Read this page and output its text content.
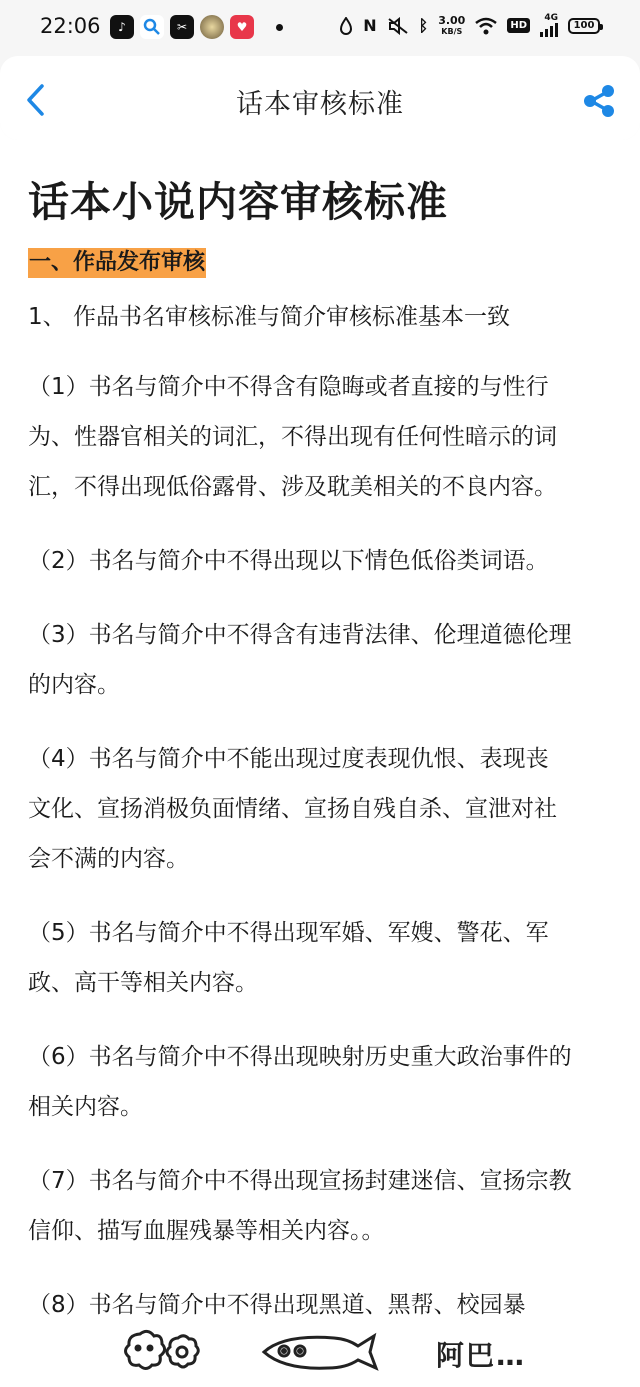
22:06	♪	✂	♥	N	ᛒ 3.00
KB/S	HD
4G
100
话本审核标准
话本小说内容审核标准
一、作品发布审核
1、 作品书名审核标准与简介审核标准基本一致

（1）书名与简介中不得含有隐晦或者直接的与性行

为、性器官相关的词汇，不得出现有任何性暗示的词

汇，不得出现低俗露骨、涉及耽美相关的不良内容。

（2）书名与简介中不得出现以下情色低俗类词语。

（3）书名与简介中不得含有违背法律、伦理道德伦理

的内容。

（4）书名与简介中不能出现过度表现仇恨、表现丧

文化、宣扬消极负面情绪、宣扬自残自杀、宣泄对社

会不满的内容。

（5）书名与简介中不得出现军婚、军嫂、警花、军

政、高干等相关内容。

（6）书名与简介中不得出现映射历史重大政治事件的

相关内容。

（7）书名与简介中不得出现宣扬封建迷信、宣扬宗教

信仰、描写血腥残暴等相关内容。。

（8）书名与简介中不得出现黑道、黑帮、校园暴

阿巴…
